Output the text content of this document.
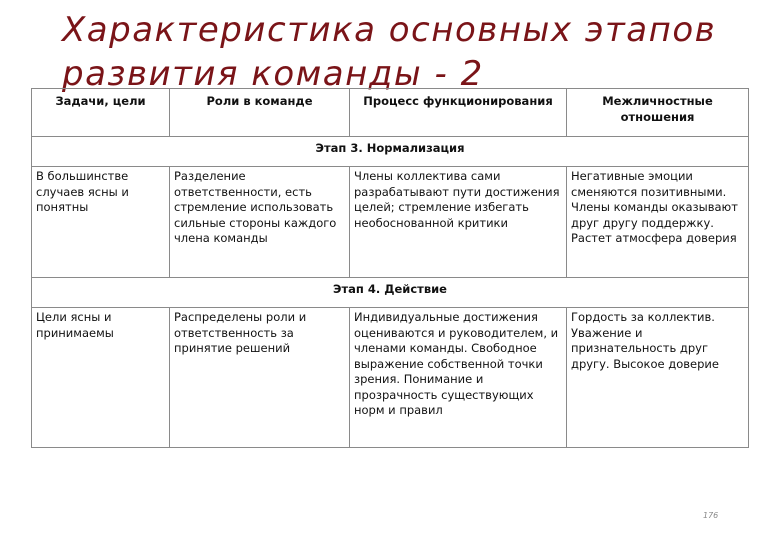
Характеристика основных этапов развития команды - 2
Задачи, цели	Роли в команде	Процесс функционирования	Межличностные отношения
Этап 3. Нормализация			
В большинстве случаев ясны и понятны	Разделение ответственности, есть стремление использовать сильные стороны каждого члена команды	Члены коллектива сами разрабатывают пути достижения целей; стремление избегать необоснованной критики	Негативные эмоции сменяются позитивными. Члены команды оказывают друг другу поддержку. Растет атмосфера доверия
Этап 4. Действие			
Цели ясны и принимаемы	Распределены роли и ответственность за принятие решений	Индивидуальные достижения оцениваются и руководителем, и членами команды. Свободное выражение собственной точки зрения. Понимание и прозрачность существующих норм и правил	Гордость за коллектив. Уважение и признательность друг другу. Высокое доверие
176
